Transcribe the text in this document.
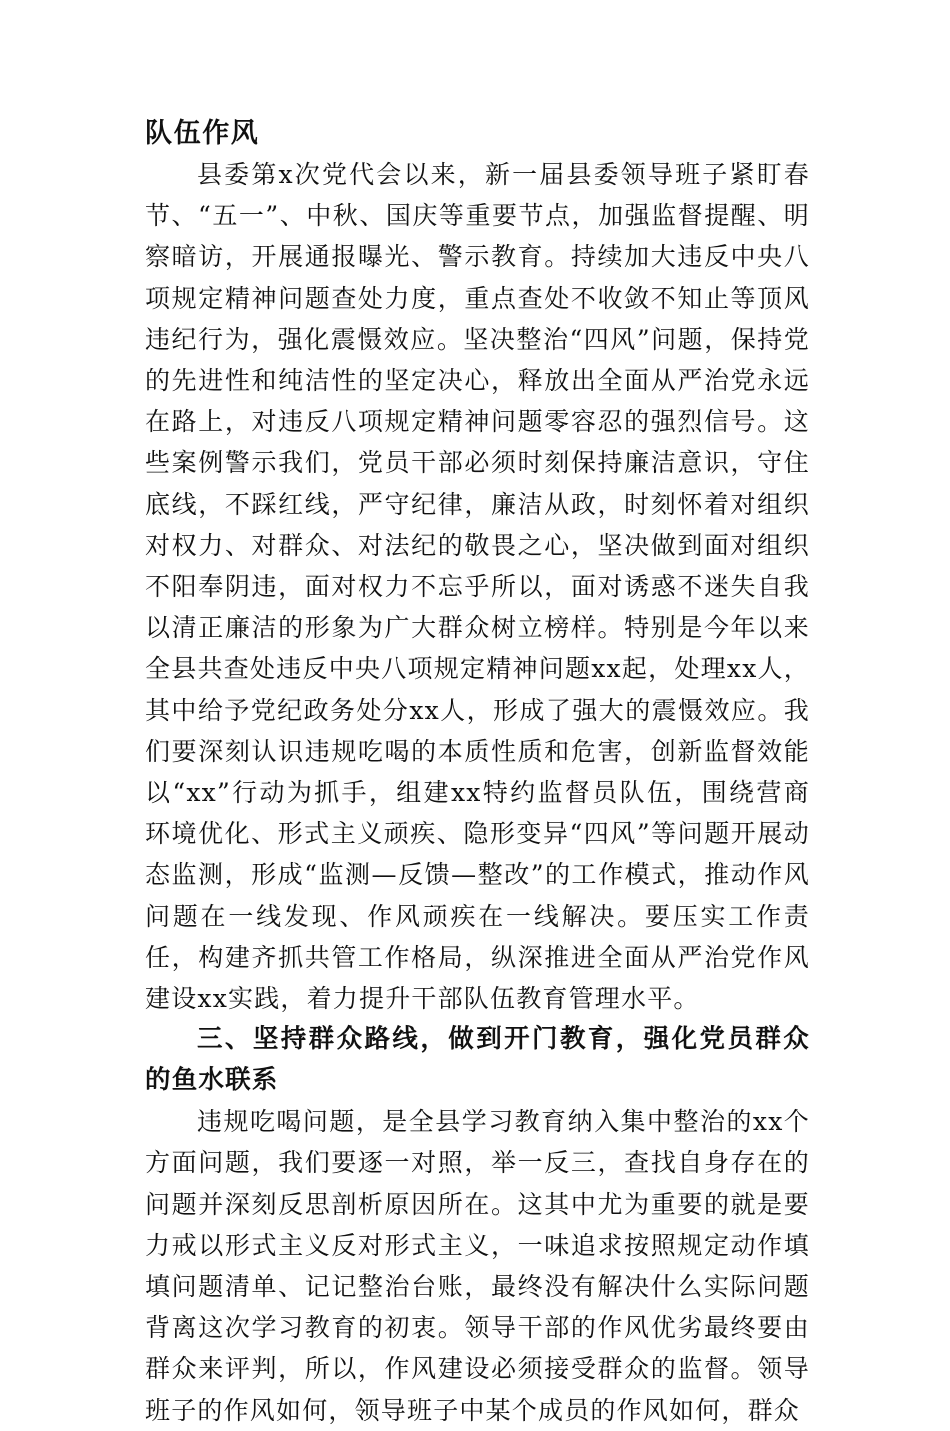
队伍作风

县委第x次党代会以来，新一届县委领导班子紧盯春节、“五一”、中秋、国庆等重要节点，加强监督提醒、明察暗访，开展通报曝光、警示教育。持续加大违反中央八项规定精神问题查处力度，重点查处不收敛不知止等顶风违纪行为，强化震慑效应。坚决整治“四风”问题，保持党的先进性和纯洁性的坚定决心，释放出全面从严治党永远在路上，对违反八项规定精神问题零容忍的强烈信号。这些案例警示我们，党员干部必须时刻保持廉洁意识，守住底线，不踩红线，严守纪律，廉洁从政，时刻怀着对组织对权力、对群众、对法纪的敬畏之心，坚决做到面对组织不阳奉阴违，面对权力不忘乎所以，面对诱惑不迷失自我以清正廉洁的形象为广大群众树立榜样。特别是今年以来全县共查处违反中央八项规定精神问题xx起，处理xx人，其中给予党纪政务处分xx人，形成了强大的震慑效应。我们要深刻认识违规吃喝的本质性质和危害，创新监督效能以“xx”行动为抓手，组建xx特约监督员队伍，围绕营商环境优化、形式主义顽疾、隐形变异“四风”等问题开展动态监测，形成“监测—反馈—整改”的工作模式，推动作风问题在一线发现、作风顽疾在一线解决。要压实工作责任，构建齐抓共管工作格局，纵深推进全面从严治党作风建设xx实践，着力提升干部队伍教育管理水平。

三、坚持群众路线，做到开门教育，强化党员群众的鱼水联系

违规吃喝问题，是全县学习教育纳入集中整治的xx个方面问题，我们要逐一对照，举一反三，查找自身存在的问题并深刻反思剖析原因所在。这其中尤为重要的就是要力戒以形式主义反对形式主义，一味追求按照规定动作填填问题清单、记记整治台账，最终没有解决什么实际问题背离这次学习教育的初衷。领导干部的作风优劣最终要由群众来评判，所以，作风建设必须接受群众的监督。领导班子的作风如何，领导班子中某个成员的作风如何，群众
